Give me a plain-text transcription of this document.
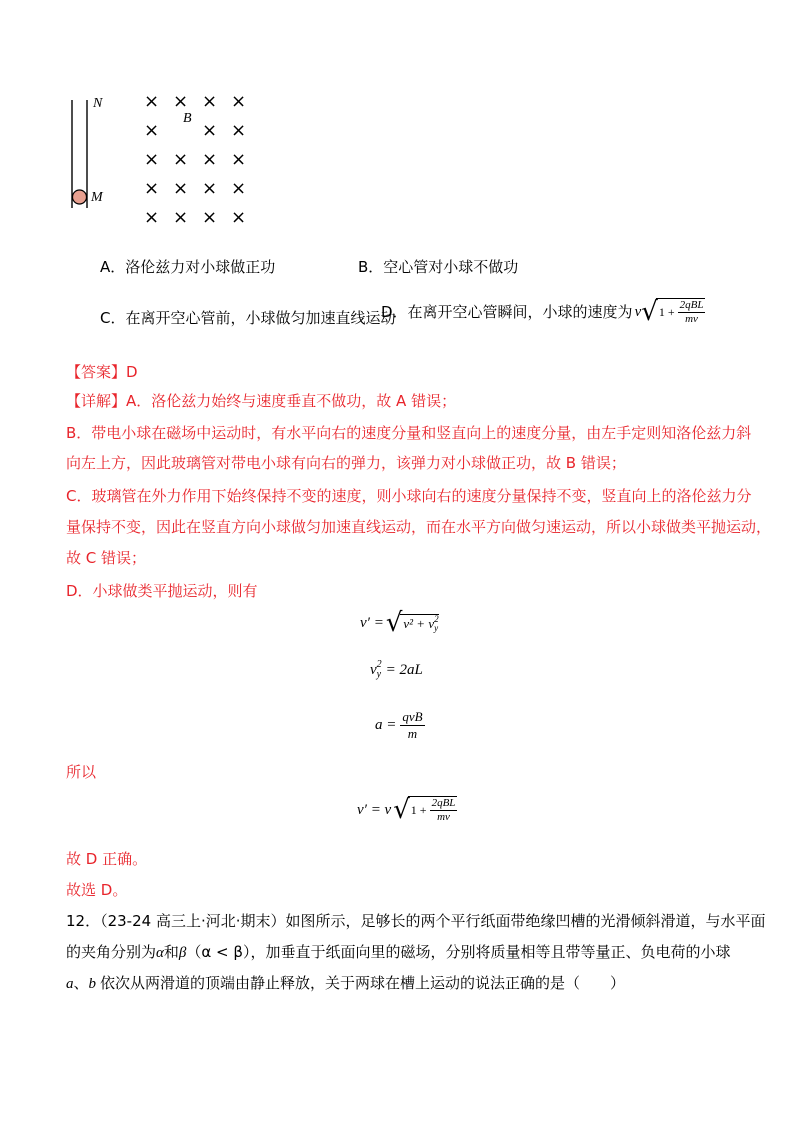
N
M
B
× × × ×
× × ×
× × × ×
× × × ×
× × × ×
A．洛伦兹力对小球做正功	B．空心管对小球不做功
C．在离开空心管前，小球做匀加速直线运动
D．在离开空心管瞬间，小球的速度为 v √ $1 + \frac{\text{2qBL}}{mv}$
【答案】D
【详解】A．洛伦兹力始终与速度垂直不做功，故 A 错误；
B．带电小球在磁场中运动时，有水平向右的速度分量和竖直向上的速度分量，由左手定则知洛伦兹力斜
向左上方，因此玻璃管对带电小球有向右的弹力，该弹力对小球做正功，故 B 错误；
C．玻璃管在外力作用下始终保持不变的速度，则小球向右的速度分量保持不变，竖直向上的洛伦兹力分
量保持不变，因此在竖直方向小球做匀加速直线运动，而在水平方向做匀速运动，所以小球做类平抛运动，
故 C 错误；
D．小球做类平抛运动，则有
v′ = √ v² + v 2
y
v 2
y = 2aL
$a = \frac{\text{qvB}}{m}$
所以
v′ = v √ $1 + \frac{\text{2qBL}}{mv}$
故 D 正确。
故选 D。
12．（23-24 高三上·河北·期末）如图所示，足够长的两个平行纸面带绝缘凹槽的光滑倾斜滑道，与水平面
的夹角分别为α和β（α < β），加垂直于纸面向里的磁场，分别将质量相等且带等量正、负电荷的小球
a、b 依次从两滑道的顶端由静止释放，关于两球在槽上运动的说法正确的是（　　）
